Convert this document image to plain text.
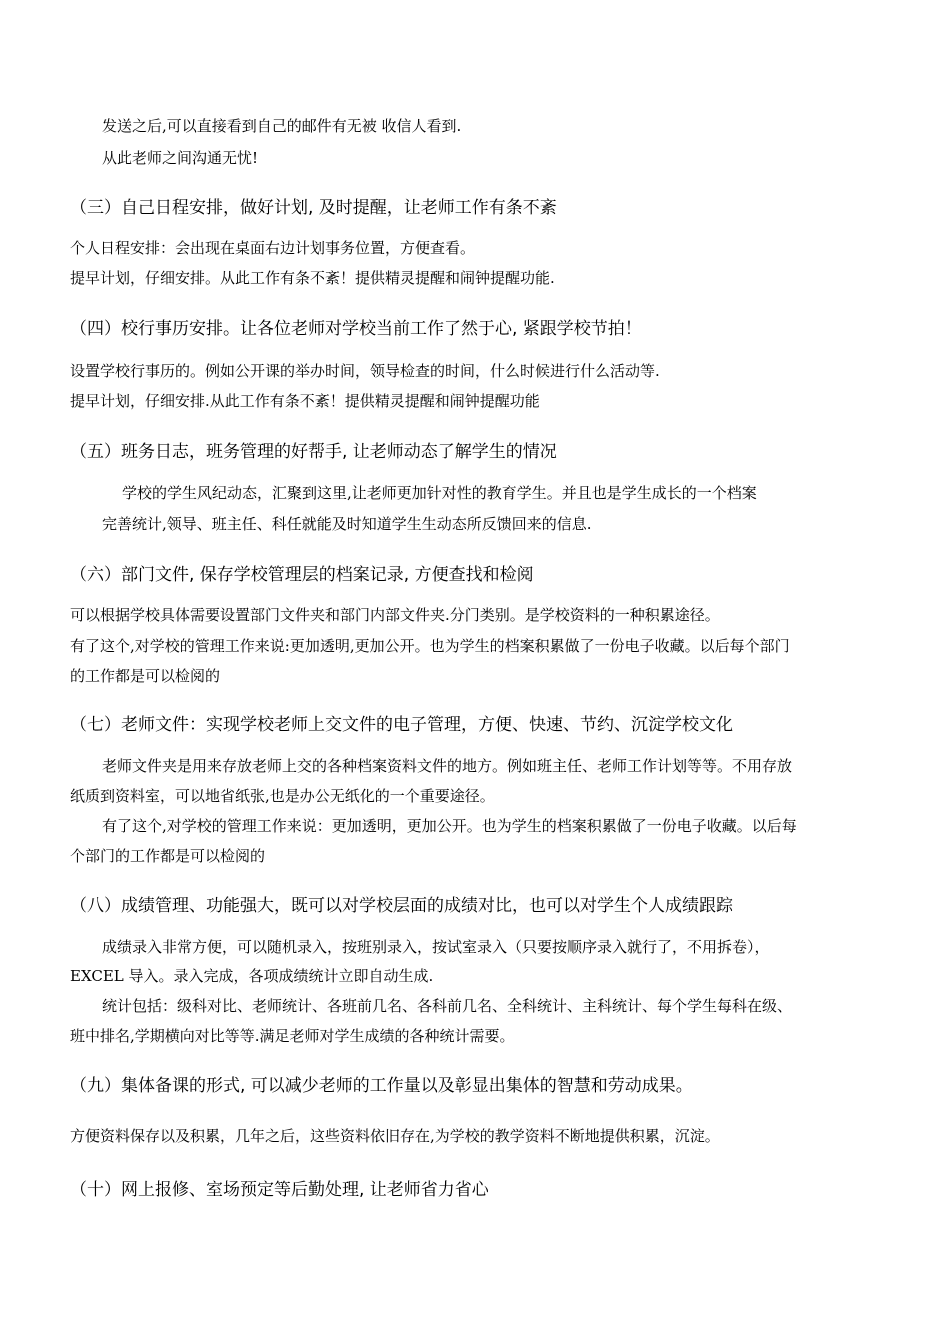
发送之后,可以直接看到自己的邮件有无被 收信人看到.
从此老师之间沟通无忧!
（三）自己日程安排，做好计划, 及时提醒，让老师工作有条不紊
个人日程安排：会出现在桌面右边计划事务位置，方便查看。
提早计划，仔细安排。从此工作有条不紊！提供精灵提醒和闹钟提醒功能.
（四）校行事历安排。让各位老师对学校当前工作了然于心, 紧跟学校节拍！
设置学校行事历的。例如公开课的举办时间，领导检查的时间，什么时候进行什么活动等.
提早计划，仔细安排.从此工作有条不紊！提供精灵提醒和闹钟提醒功能
（五）班务日志，班务管理的好帮手, 让老师动态了解学生的情况
学校的学生风纪动态，汇聚到这里,让老师更加针对性的教育学生。并且也是学生成长的一个档案
完善统计,领导、班主任、科任就能及时知道学生生动态所反馈回来的信息.
（六）部门文件, 保存学校管理层的档案记录, 方便查找和检阅
可以根据学校具体需要设置部门文件夹和部门内部文件夹.分门类别。是学校资料的一种积累途径。
有了这个,对学校的管理工作来说:更加透明,更加公开。也为学生的档案积累做了一份电子收藏。以后每个部门
的工作都是可以检阅的
（七）老师文件：实现学校老师上交文件的电子管理，方便、快速、节约、沉淀学校文化
老师文件夹是用来存放老师上交的各种档案资料文件的地方。例如班主任、老师工作计划等等。不用存放
纸质到资料室，可以地省纸张,也是办公无纸化的一个重要途径。
有了这个,对学校的管理工作来说：更加透明，更加公开。也为学生的档案积累做了一份电子收藏。以后每
个部门的工作都是可以检阅的
（八）成绩管理、功能强大，既可以对学校层面的成绩对比，也可以对学生个人成绩跟踪
成绩录入非常方便，可以随机录入，按班别录入，按试室录入（只要按顺序录入就行了，不用拆卷），
EXCEL 导入。录入完成，各项成绩统计立即自动生成.
统计包括：级科对比、老师统计、各班前几名、各科前几名、全科统计、主科统计、每个学生每科在级、
班中排名,学期横向对比等等.满足老师对学生成绩的各种统计需要。
（九）集体备课的形式, 可以减少老师的工作量以及彰显出集体的智慧和劳动成果。
方便资料保存以及积累，几年之后，这些资料依旧存在,为学校的教学资料不断地提供积累，沉淀。
（十）网上报修、室场预定等后勤处理, 让老师省力省心
